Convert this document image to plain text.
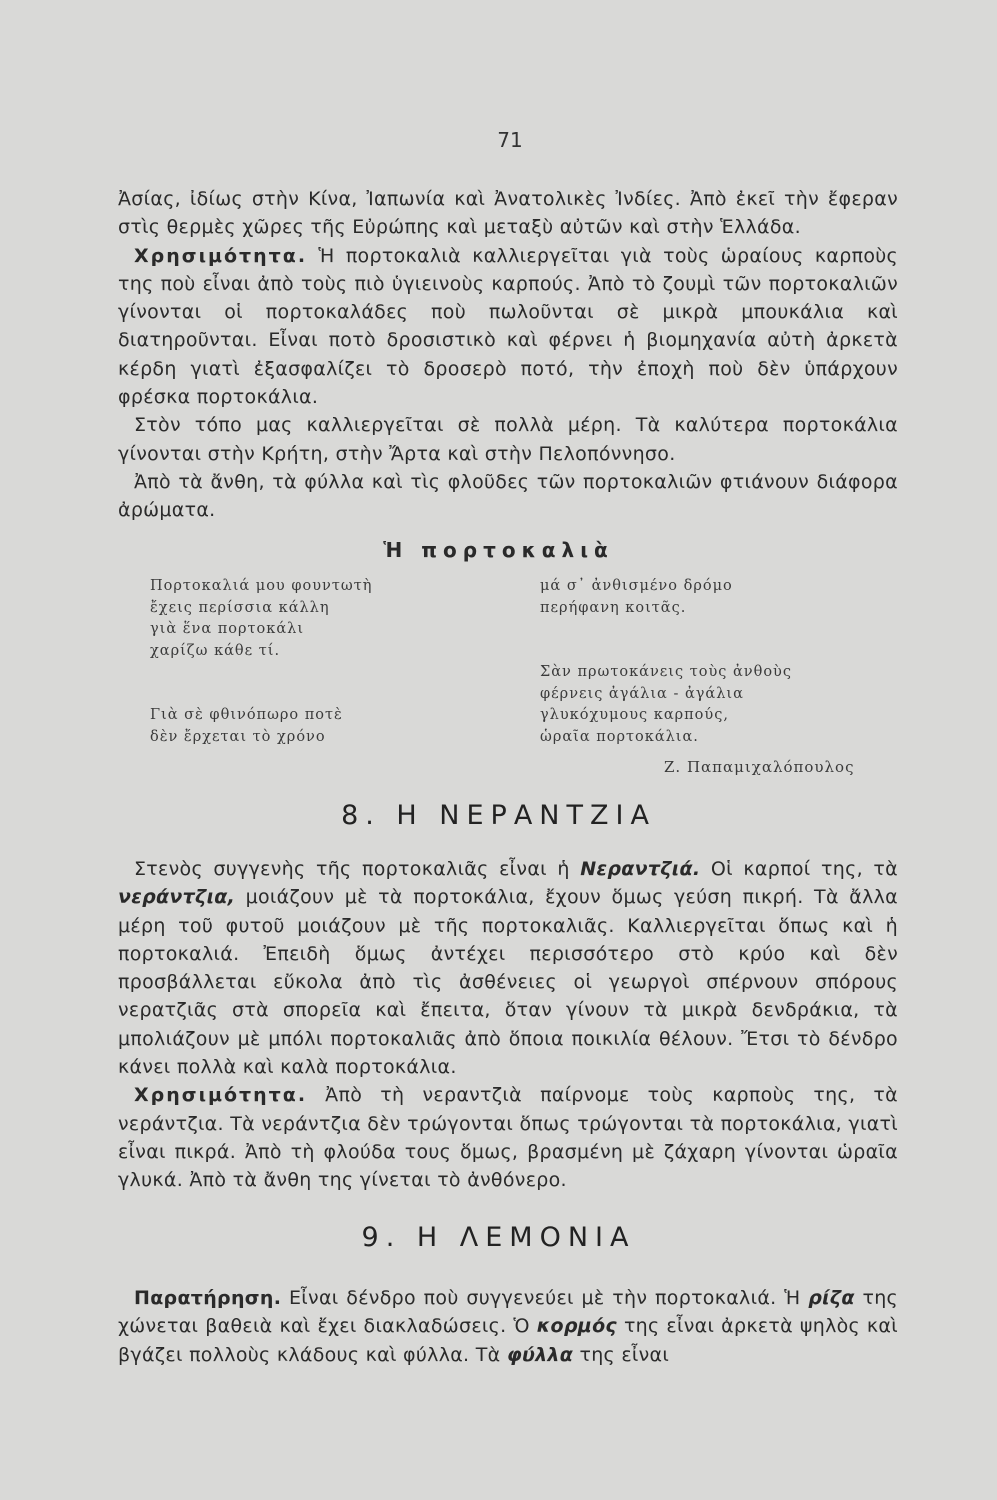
71

Ἀσίας, ἰδίως στὴν Κίνα, Ἰαπωνία καὶ Ἀνατολικὲς Ἰνδίες. Ἀπὸ ἐκεῖ τὴν ἔφεραν στὶς θερμὲς χῶρες τῆς Εὐρώπης καὶ μεταξὺ αὐτῶν καὶ στὴν Ἑλλάδα.

Χρησιμότητα. Ἡ πορτοκαλιὰ καλλιεργεῖται γιὰ τοὺς ὡραίους καρποὺς της ποὺ εἶναι ἀπὸ τοὺς πιὸ ὑγιεινοὺς καρπούς. Ἀπὸ τὸ ζουμὶ τῶν πορτοκαλιῶν γίνονται οἱ πορτοκαλάδες ποὺ πωλοῦνται σὲ μικρὰ μπουκάλια καὶ διατηροῦνται. Εἶναι ποτὸ δροσιστικὸ καὶ φέρνει ἡ βιομηχανία αὐτὴ ἀρκετὰ κέρδη γιατὶ ἐξασφαλίζει τὸ δροσερὸ ποτό, τὴν ἐποχὴ ποὺ δὲν ὑπάρχουν φρέσκα πορτοκάλια.

Στὸν τόπο μας καλλιεργεῖται σὲ πολλὰ μέρη. Τὰ καλύτερα πορτοκάλια γίνονται στὴν Κρήτη, στὴν Ἄρτα καὶ στὴν Πελοπόννησο.

Ἀπὸ τὰ ἄνθη, τὰ φύλλα καὶ τὶς φλοῦδες τῶν πορτοκαλιῶν φτιάνουν διάφορα ἀρώματα.

Ἡ πορτοκαλιὰ
Πορτοκαλιά μου φουντωτὴ
ἔχεις περίσσια κάλλη
γιὰ ἕνα πορτοκάλι
χαρίζω κάθε τί.
Γιὰ σὲ φθινόπωρο ποτὲ
δὲν ἔρχεται τὸ χρόνο
μά σ᾽ ἀνθισμένο δρόμο
περήφανη κοιτᾶς.
Σὰν πρωτοκάνεις τοὺς ἀνθοὺς
φέρνεις ἀγάλια - ἀγάλια
γλυκόχυμους καρπούς,
ὡραῖα πορτοκάλια.
Ζ. Παπαμιχαλόπουλος
8. Η ΝΕΡΑΝΤΖΙΑ

Στενὸς συγγενὴς τῆς πορτοκαλιᾶς εἶναι ἡ Νεραντζιά. Οἱ καρποί της, τὰ νεράντζια, μοιάζουν μὲ τὰ πορτοκάλια, ἔχουν ὅμως γεύση πικρή. Τὰ ἄλλα μέρη τοῦ φυτοῦ μοιάζουν μὲ τῆς πορτοκαλιᾶς. Καλλιεργεῖται ὅπως καὶ ἡ πορτοκαλιά. Ἐπειδὴ ὅμως ἀντέχει περισσότερο στὸ κρύο καὶ δὲν προσβάλλεται εὔκολα ἀπὸ τὶς ἀσθένειες οἱ γεωργοὶ σπέρνουν σπόρους νερατζιᾶς στὰ σπορεῖα καὶ ἔπειτα, ὅταν γίνουν τὰ μικρὰ δενδράκια, τὰ μπολιάζουν μὲ μπόλι πορτοκαλιᾶς ἀπὸ ὅποια ποικιλία θέλουν. Ἔτσι τὸ δένδρο κάνει πολλὰ καὶ καλὰ πορτοκάλια.

Χρησιμότητα. Ἀπὸ τὴ νεραντζιὰ παίρνομε τοὺς καρποὺς της, τὰ νεράντζια. Τὰ νεράντζια δὲν τρώγονται ὅπως τρώγονται τὰ πορτοκάλια, γιατὶ εἶναι πικρά. Ἀπὸ τὴ φλούδα τους ὅμως, βρασμένη μὲ ζάχαρη γίνονται ὡραῖα γλυκά. Ἀπὸ τὰ ἄνθη της γίνεται τὸ ἀνθόνερο.

9. Η ΛΕΜΟΝΙΑ

Παρατήρηση. Εἶναι δένδρο ποὺ συγγενεύει μὲ τὴν πορτοκαλιά. Ἡ ρίζα της χώνεται βαθειὰ καὶ ἔχει διακλαδώσεις. Ὁ κορμός της εἶναι ἀρκετὰ ψηλὸς καὶ βγάζει πολλοὺς κλάδους καὶ φύλλα. Τὰ φύλλα της εἶναι
